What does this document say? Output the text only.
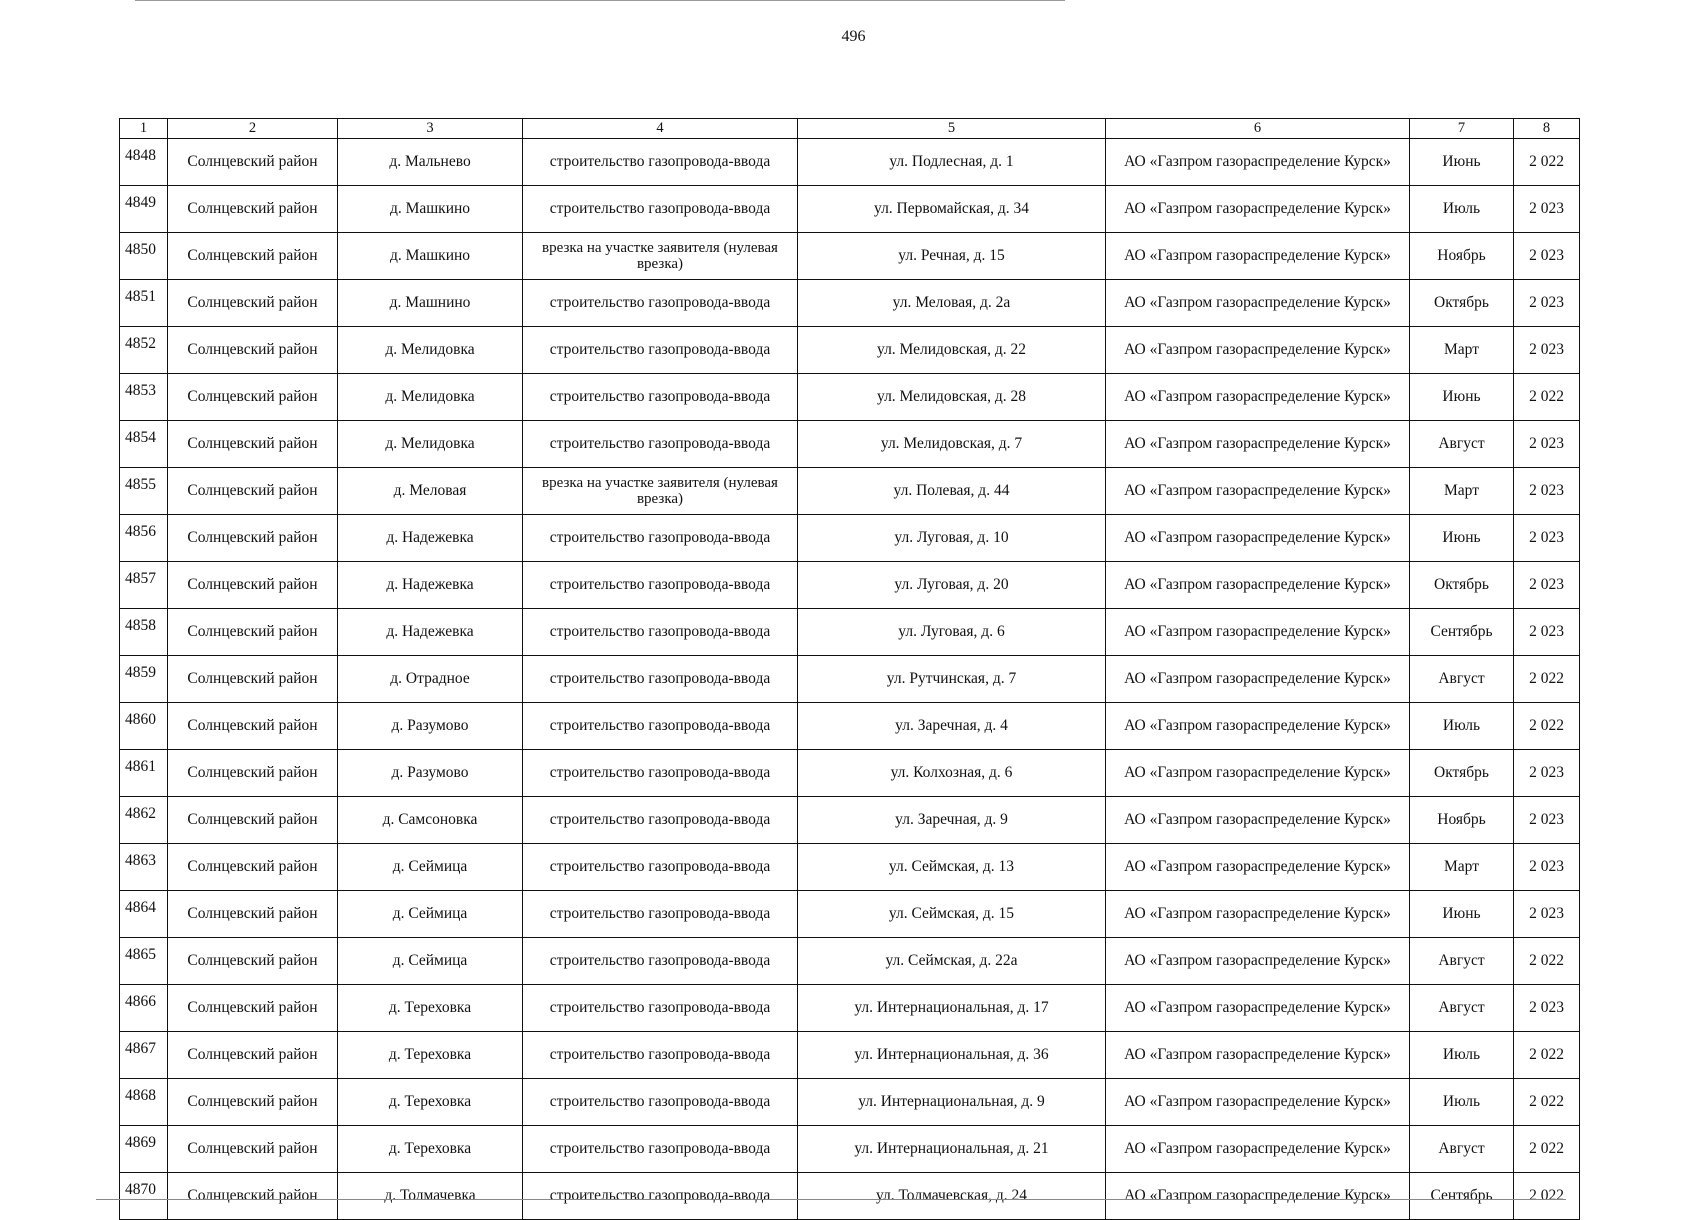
496
1	2	3	4	5	6	7	8
4848	Солнцевский район	д. Мальнево	строительство газопровода-ввода	ул. Подлесная, д. 1	АО «Газпром газораспределение Курск»	Июнь	2 022
4849	Солнцевский район	д. Машкино	строительство газопровода-ввода	ул. Первомайская, д. 34	АО «Газпром газораспределение Курск»	Июль	2 023
4850	Солнцевский район	д. Машкино	врезка на участке заявителя (нулевая врезка)	ул. Речная, д. 15	АО «Газпром газораспределение Курск»	Ноябрь	2 023
4851	Солнцевский район	д. Машнино	строительство газопровода-ввода	ул. Меловая, д. 2а	АО «Газпром газораспределение Курск»	Октябрь	2 023
4852	Солнцевский район	д. Мелидовка	строительство газопровода-ввода	ул. Мелидовская, д. 22	АО «Газпром газораспределение Курск»	Март	2 023
4853	Солнцевский район	д. Мелидовка	строительство газопровода-ввода	ул. Мелидовская, д. 28	АО «Газпром газораспределение Курск»	Июнь	2 022
4854	Солнцевский район	д. Мелидовка	строительство газопровода-ввода	ул. Мелидовская, д. 7	АО «Газпром газораспределение Курск»	Август	2 023
4855	Солнцевский район	д. Меловая	врезка на участке заявителя (нулевая врезка)	ул. Полевая, д. 44	АО «Газпром газораспределение Курск»	Март	2 023
4856	Солнцевский район	д. Надежевка	строительство газопровода-ввода	ул. Луговая, д. 10	АО «Газпром газораспределение Курск»	Июнь	2 023
4857	Солнцевский район	д. Надежевка	строительство газопровода-ввода	ул. Луговая, д. 20	АО «Газпром газораспределение Курск»	Октябрь	2 023
4858	Солнцевский район	д. Надежевка	строительство газопровода-ввода	ул. Луговая, д. 6	АО «Газпром газораспределение Курск»	Сентябрь	2 023
4859	Солнцевский район	д. Отрадное	строительство газопровода-ввода	ул. Рутчинская, д. 7	АО «Газпром газораспределение Курск»	Август	2 022
4860	Солнцевский район	д. Разумово	строительство газопровода-ввода	ул. Заречная, д. 4	АО «Газпром газораспределение Курск»	Июль	2 022
4861	Солнцевский район	д. Разумово	строительство газопровода-ввода	ул. Колхозная, д. 6	АО «Газпром газораспределение Курск»	Октябрь	2 023
4862	Солнцевский район	д. Самсоновка	строительство газопровода-ввода	ул. Заречная, д. 9	АО «Газпром газораспределение Курск»	Ноябрь	2 023
4863	Солнцевский район	д. Сеймица	строительство газопровода-ввода	ул. Сеймская, д. 13	АО «Газпром газораспределение Курск»	Март	2 023
4864	Солнцевский район	д. Сеймица	строительство газопровода-ввода	ул. Сеймская, д. 15	АО «Газпром газораспределение Курск»	Июнь	2 023
4865	Солнцевский район	д. Сеймица	строительство газопровода-ввода	ул. Сеймская, д. 22а	АО «Газпром газораспределение Курск»	Август	2 022
4866	Солнцевский район	д. Тереховка	строительство газопровода-ввода	ул. Интернациональная, д. 17	АО «Газпром газораспределение Курск»	Август	2 023
4867	Солнцевский район	д. Тереховка	строительство газопровода-ввода	ул. Интернациональная, д. 36	АО «Газпром газораспределение Курск»	Июль	2 022
4868	Солнцевский район	д. Тереховка	строительство газопровода-ввода	ул. Интернациональная, д. 9	АО «Газпром газораспределение Курск»	Июль	2 022
4869	Солнцевский район	д. Тереховка	строительство газопровода-ввода	ул. Интернациональная, д. 21	АО «Газпром газораспределение Курск»	Август	2 022
4870	Солнцевский район	д. Толмачевка	строительство газопровода-ввода	ул. Толмачевская, д. 24	АО «Газпром газораспределение Курск»	Сентябрь	2 022
